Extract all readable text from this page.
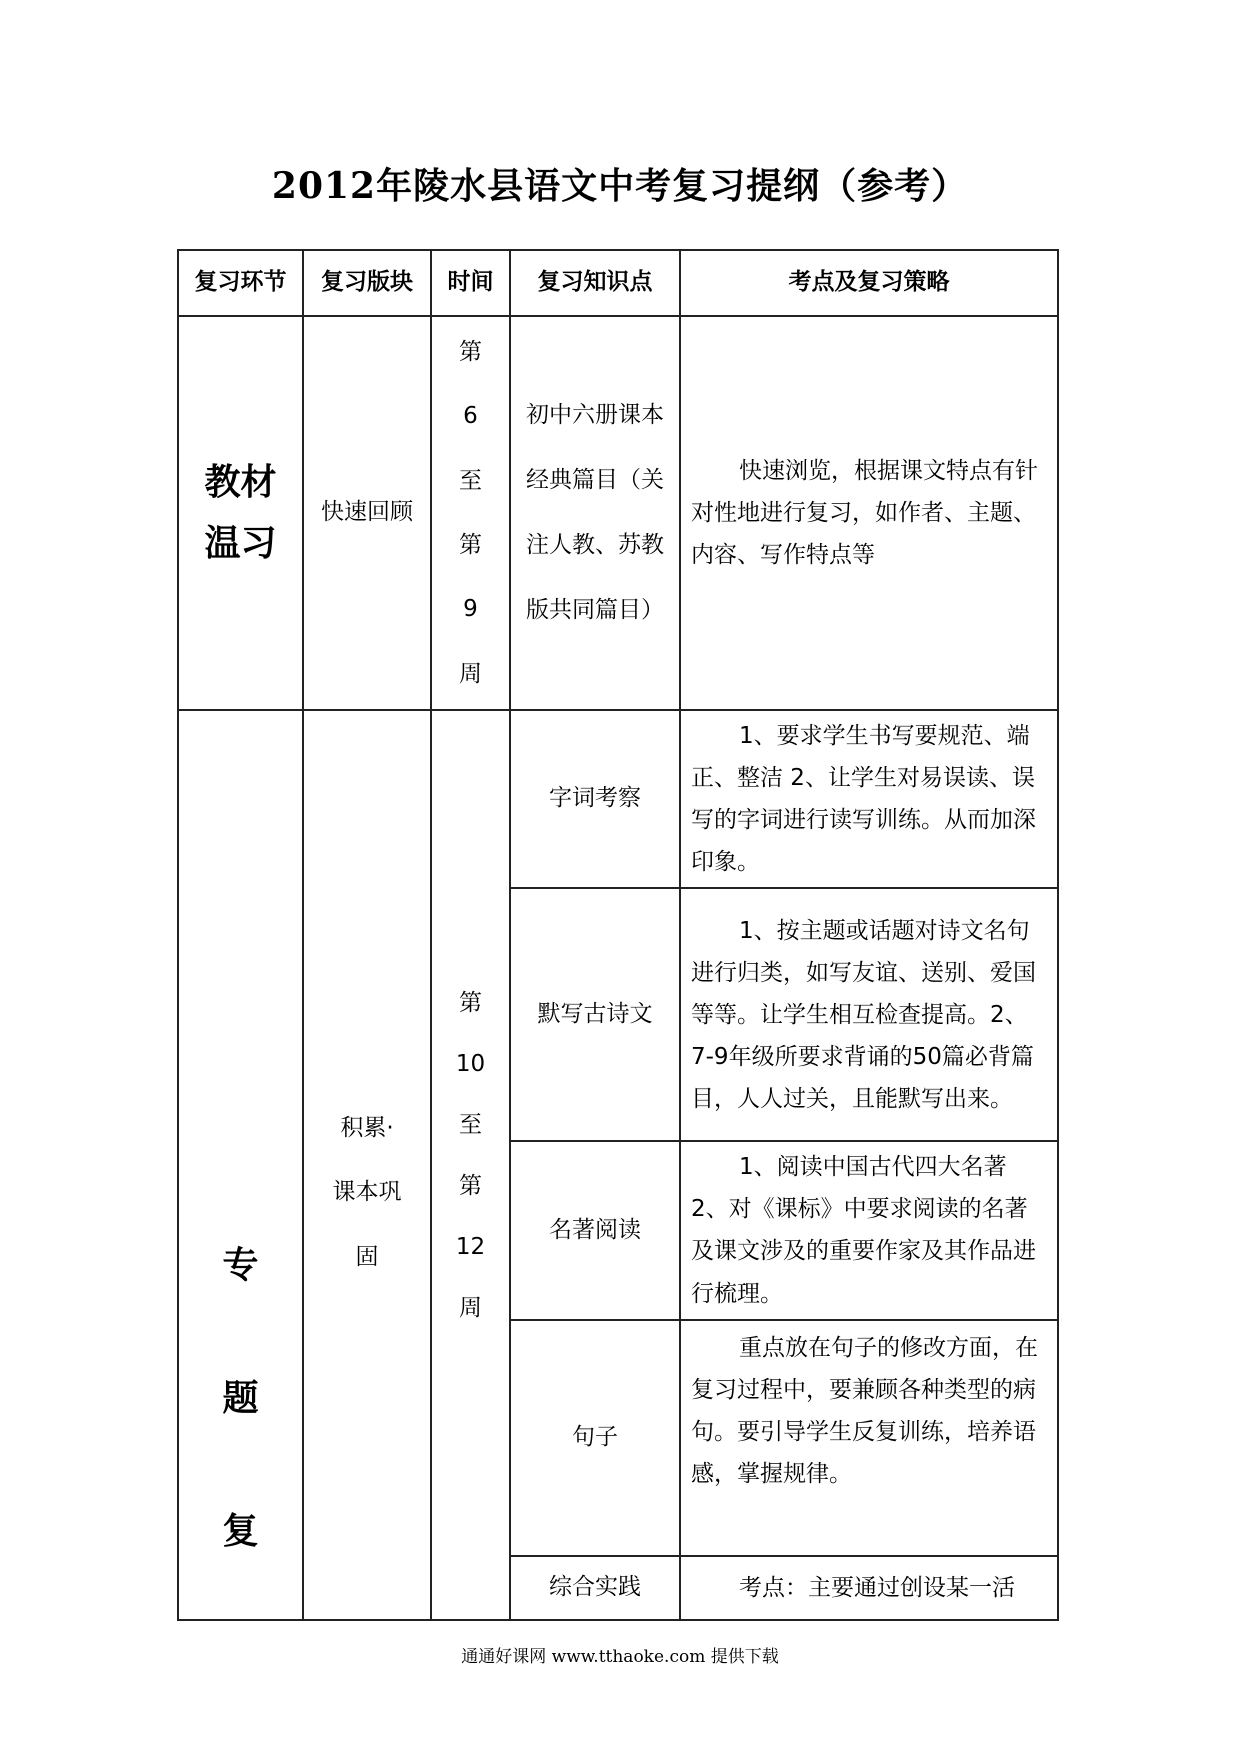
2012年陵水县语文中考复习提纲（参考）
复习环节	复习版块	时间	复习知识点	考点及复习策略

教材温习	快速回顾	第6至第9周	初中六册课本经典篇目（关注人教、苏教版共同篇目）	快速浏览，根据课文特点有针对性地进行复习，如作者、主题、内容、写作特点等

专题复	积累·课本巩固	第10至第12周	字词考察	1、要求学生书写要规范、端正、整洁 2、让学生对易误读、误写的字词进行读写训练。从而加深印象。
			默写古诗文	1、按主题或话题对诗文名句进行归类，如写友谊、送别、爱国等等。让学生相互检查提高。2、7-9年级所要求背诵的50篇必背篇目，人人过关，且能默写出来。
			名著阅读	1、阅读中国古代四大名著 2、对《课标》中要求阅读的名著及课文涉及的重要作家及其作品进行梳理。
			句子	重点放在句子的修改方面，在复习过程中，要兼顾各种类型的病句。要引导学生反复训练，培养语感，掌握规律。
			综合实践	考点：主要通过创设某一活
通通好课网 www.tthaoke.com 提供下载
